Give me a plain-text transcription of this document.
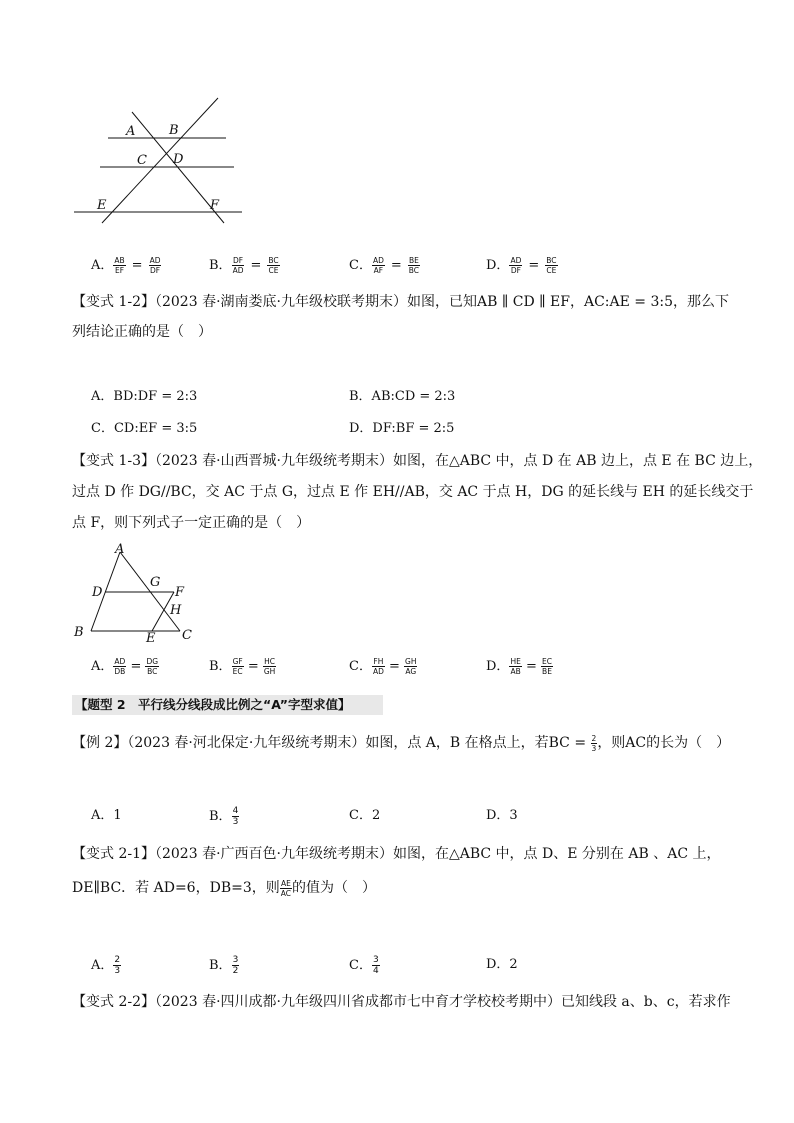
A	B
C D
E	F
A． $\frac{AB}{EF} = \frac{AD}{DF}$	B． $\frac{DF}{AD} = \frac{BC}{CE}$	C． $\frac{AD}{AF} = \frac{BE}{BC}$	D． $\frac{AD}{DF} = \frac{BC}{CE}$
【变式 1-2】（2023 春·湖南娄底·九年级校联考期末）如图，已知AB ∥ CD ∥ EF，AC:AE = 3:5，那么下
列结论正确的是（　）
A．BD:DF = 2:3	B．AB:CD = 2:3
C．CD:EF = 3:5	D．DF:BF = 2:5
【变式 1-3】（2023 春·山西晋城·九年级统考期末）如图，在△ABC 中，点 D 在 AB 边上，点 E 在 BC 边上，
过点 D 作 DG//BC，交 AC 于点 G，过点 E 作 EH//AB，交 AC 于点 H，DG 的延长线与 EH 的延长线交于
点 F，则下列式子一定正确的是（　）
A
B	C
D
E
F
G
H
A． $\frac{AD}{DB} = \frac{DG}{BC}$	B． $\frac{GF}{EC} = \frac{HC}{GH}$	C． $\frac{FH}{AD} = \frac{GH}{AG}$	D． $\frac{HE}{AB} = \frac{EC}{BE}$
【题型 2　平行线分线段成比例之“A”字型求值】
【例 2】（2023 春·河北保定·九年级统考期末）如图，点 A，B 在格点上，若BC = $\frac{2}{3}$ ，则AC的长为（　）
A．1	B． $\frac{4}{3}$	C．2	D．3
【变式 2-1】（2023 春·广西百色·九年级统考期末）如图，在△ABC 中，点 D、E 分别在 AB 、AC 上，
DE∥BC．若 AD=6，DB=3，则 $\frac{AE}{AC}$ 的值为（　）
A． $\frac{2}{3}$	B． $\frac{3}{2}$	C． $\frac{3}{4}$	D．2
【变式 2-2】（2023 春·四川成都·九年级四川省成都市七中育才学校校考期中）已知线段 a、b、c，若求作
